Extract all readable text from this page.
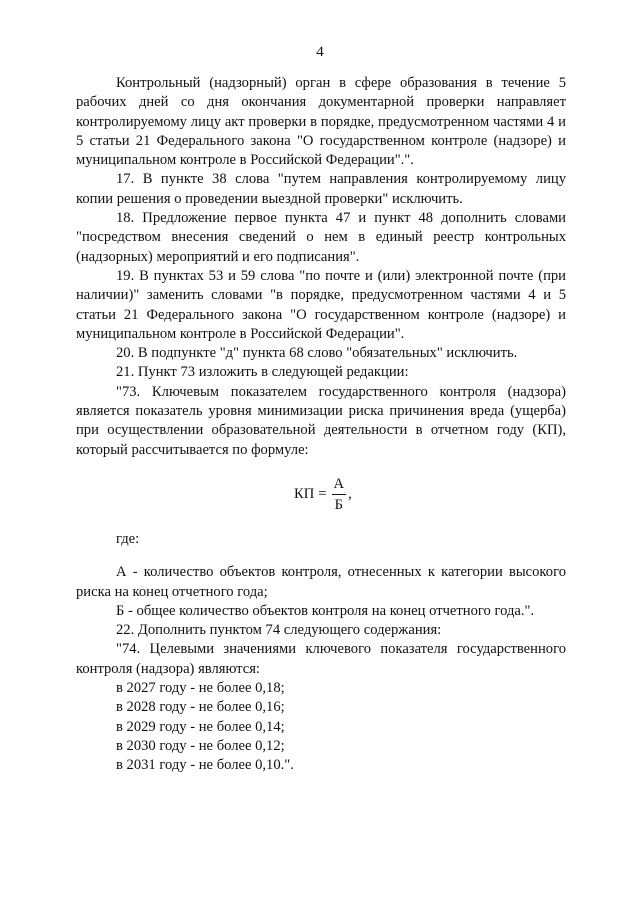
4

Контрольный (надзорный) орган в сфере образования в течение 5 рабочих дней со дня окончания документарной проверки направляет контролируемому лицу акт проверки в порядке, предусмотренном частями 4 и 5 статьи 21 Федерального закона "О государственном контроле (надзоре) и муниципальном контроле в Российской Федерации".".

17. В пункте 38 слова "путем направления контролируемому лицу копии решения о проведении выездной проверки" исключить.

18. Предложение первое пункта 47 и пункт 48 дополнить словами "посредством внесения сведений о нем в единый реестр контрольных (надзорных) мероприятий и его подписания".

19. В пунктах 53 и 59 слова "по почте и (или) электронной почте (при наличии)" заменить словами "в порядке, предусмотренном частями 4 и 5 статьи 21 Федерального закона "О государственном контроле (надзоре) и муниципальном контроле в Российской Федерации".

20. В подпункте "д" пункта 68 слово "обязательных" исключить.

21. Пункт 73 изложить в следующей редакции:

"73. Ключевым показателем государственного контроля (надзора) является показатель уровня минимизации риска причинения вреда (ущерба) при осуществлении образовательной деятельности в отчетном году (КП), который рассчитывается по формуле:

КП = $\frac{А}{Б}$ ,

где:

А - количество объектов контроля, отнесенных к категории высокого риска на конец отчетного года;

Б - общее количество объектов контроля на конец отчетного года.".

22. Дополнить пунктом 74 следующего содержания:

"74. Целевыми значениями ключевого показателя государственного контроля (надзора) являются:

в 2027 году - не более 0,18;

в 2028 году - не более 0,16;

в 2029 году - не более 0,14;

в 2030 году - не более 0,12;

в 2031 году - не более 0,10.".
